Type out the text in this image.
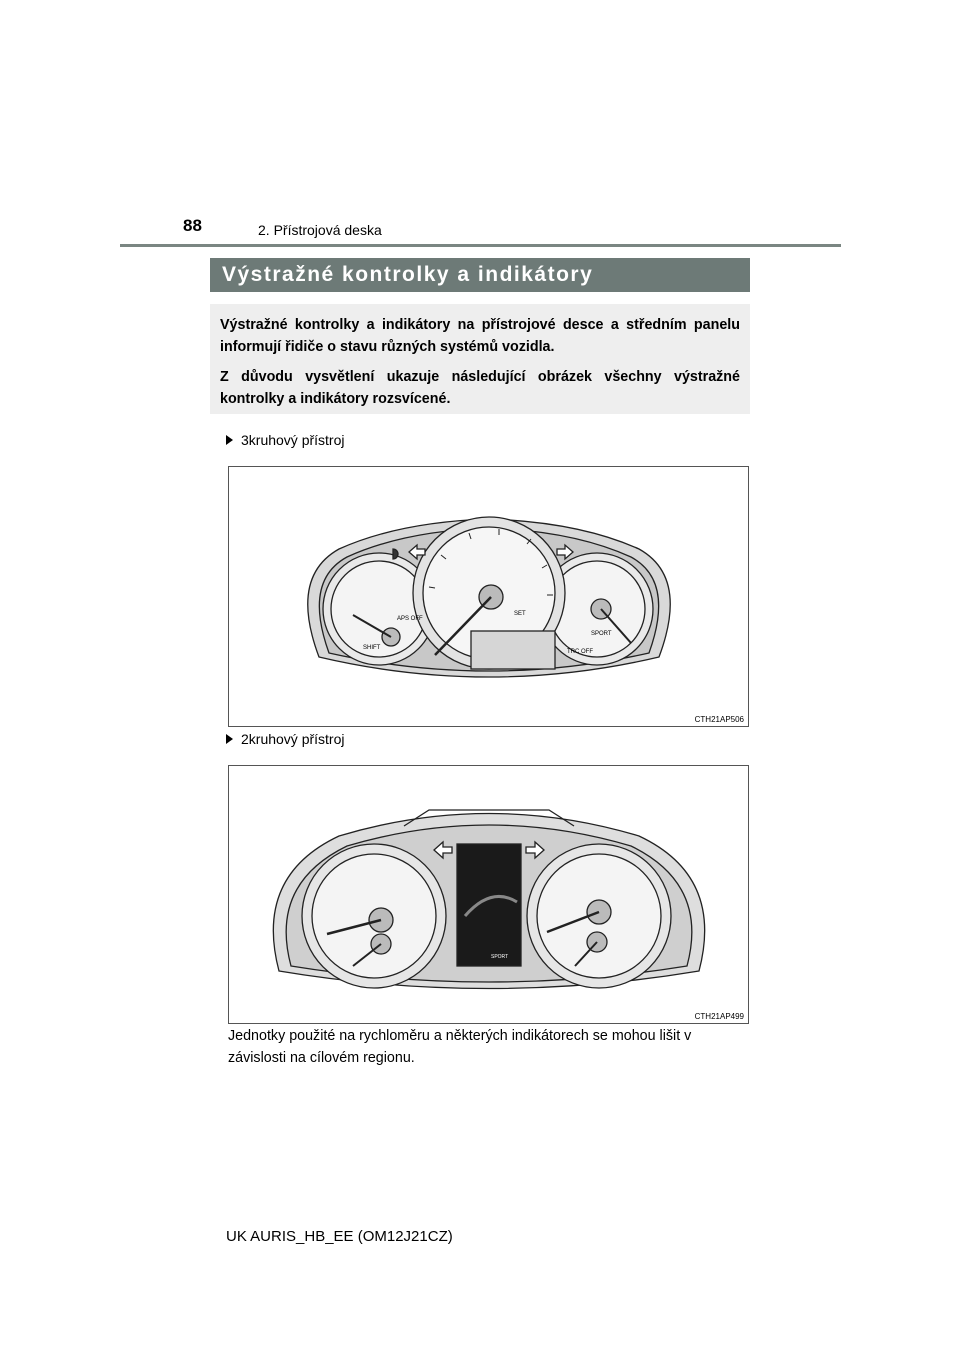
88	2. Přístrojová deska
Výstražné kontrolky a indikátory

Výstražné kontrolky a indikátory na přístrojové desce a středním panelu informují řidiče o stavu různých systémů vozidla.

Z důvodu vysvětlení ukazuje následující obrázek všechny výstražné kontrolky a indikátory rozsvícené.

3kruhový přístroj
SHIFT
SET
SPORT
TRC OFF
APS OFF
CTH21AP506
2kruhový přístroj
SPORT
CTH21AP499
Jednotky použité na rychloměru a některých indikátorech se mohou lišit v závislosti na cílovém regionu.
UK AURIS_HB_EE (OM12J21CZ)
